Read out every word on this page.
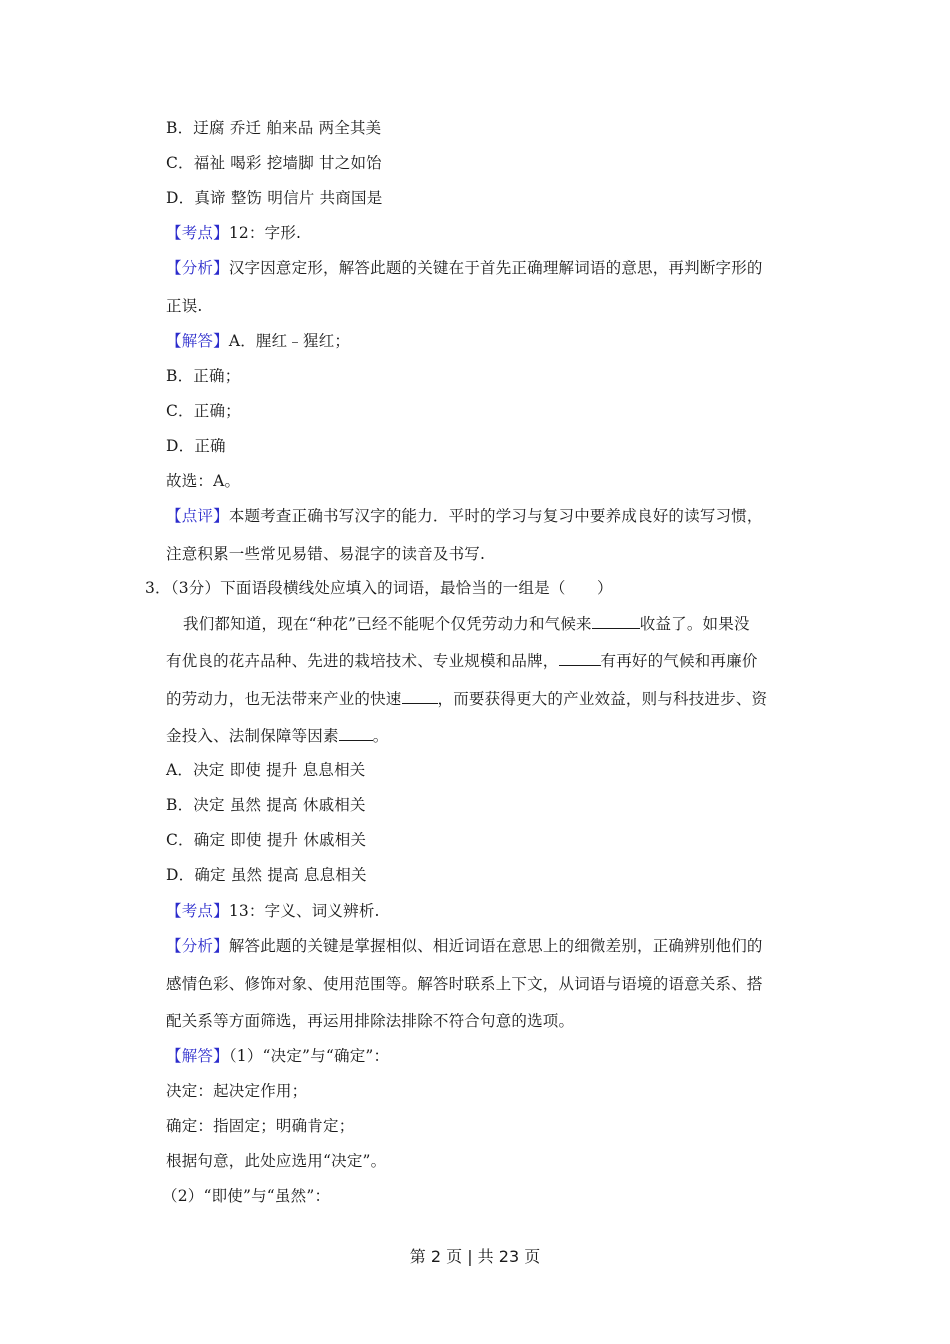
B．迂腐 乔迁 舶来品 两全其美
C．福祉 喝彩 挖墙脚 甘之如饴
D．真谛 整饬 明信片 共商国是
【考点】12：字形.
【分析】汉字因意定形，解答此题的关键在于首先正确理解词语的意思，再判断字形的
正误.
【解答】A．腥红﹣猩红；
B．正确；
C．正确；
D．正确
故选：A。
【点评】本题考查正确书写汉字的能力．平时的学习与复习中要养成良好的读写习惯，
注意积累一些常见易错、易混字的读音及书写.
3．（3分）下面语段横线处应填入的词语，最恰当的一组是（　　）
我们都知道，现在“种花”已经不能呢个仅凭劳动力和气候来	收益了。如果没
有优良的花卉品种、先进的栽培技术、专业规模和品牌，	有再好的气候和再廉价
的劳动力，也无法带来产业的快速 ，而要获得更大的产业效益，则与科技进步、资
金投入、法制保障等因素 。
A．决定 即使 提升 息息相关
B．决定 虽然 提高 休戚相关
C．确定 即使 提升 休戚相关
D．确定 虽然 提高 息息相关
【考点】13：字义、词义辨析.
【分析】解答此题的关键是掌握相似、相近词语在意思上的细微差别，正确辨别他们的
感情色彩、修饰对象、使用范围等。解答时联系上下文，从词语与语境的语意关系、搭
配关系等方面筛选，再运用排除法排除不符合句意的选项。
【解答】（1）“决定”与“确定”：
决定：起决定作用；
确定：指固定；明确肯定；
根据句意，此处应选用“决定”。
（2）“即使”与“虽然”：
第 2 页 | 共 23 页
